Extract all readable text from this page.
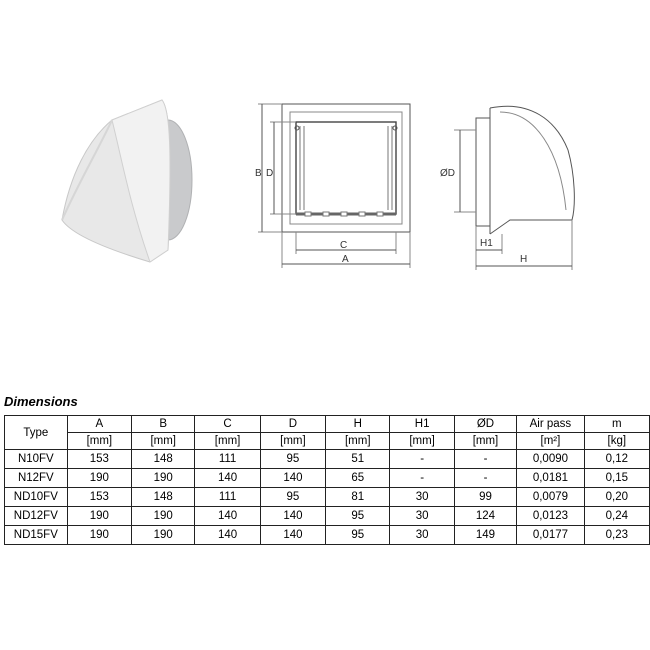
B D
C
A
ØD
H1
H
Dimensions
Type	A	B	C	D	H	H1	ØD	Air pass	m
	[mm]	[mm]	[mm]	[mm]	[mm]	[mm]	[mm]	[m²]	[kg]
N10FV	153	148	111	95	51	-	-	0,0090	0,12
N12FV	190	190	140	140	65	-	-	0,0181	0,15
ND10FV	153	148	111	95	81	30	99	0,0079	0,20
ND12FV	190	190	140	140	95	30	124	0,0123	0,24
ND15FV	190	190	140	140	95	30	149	0,0177	0,23
